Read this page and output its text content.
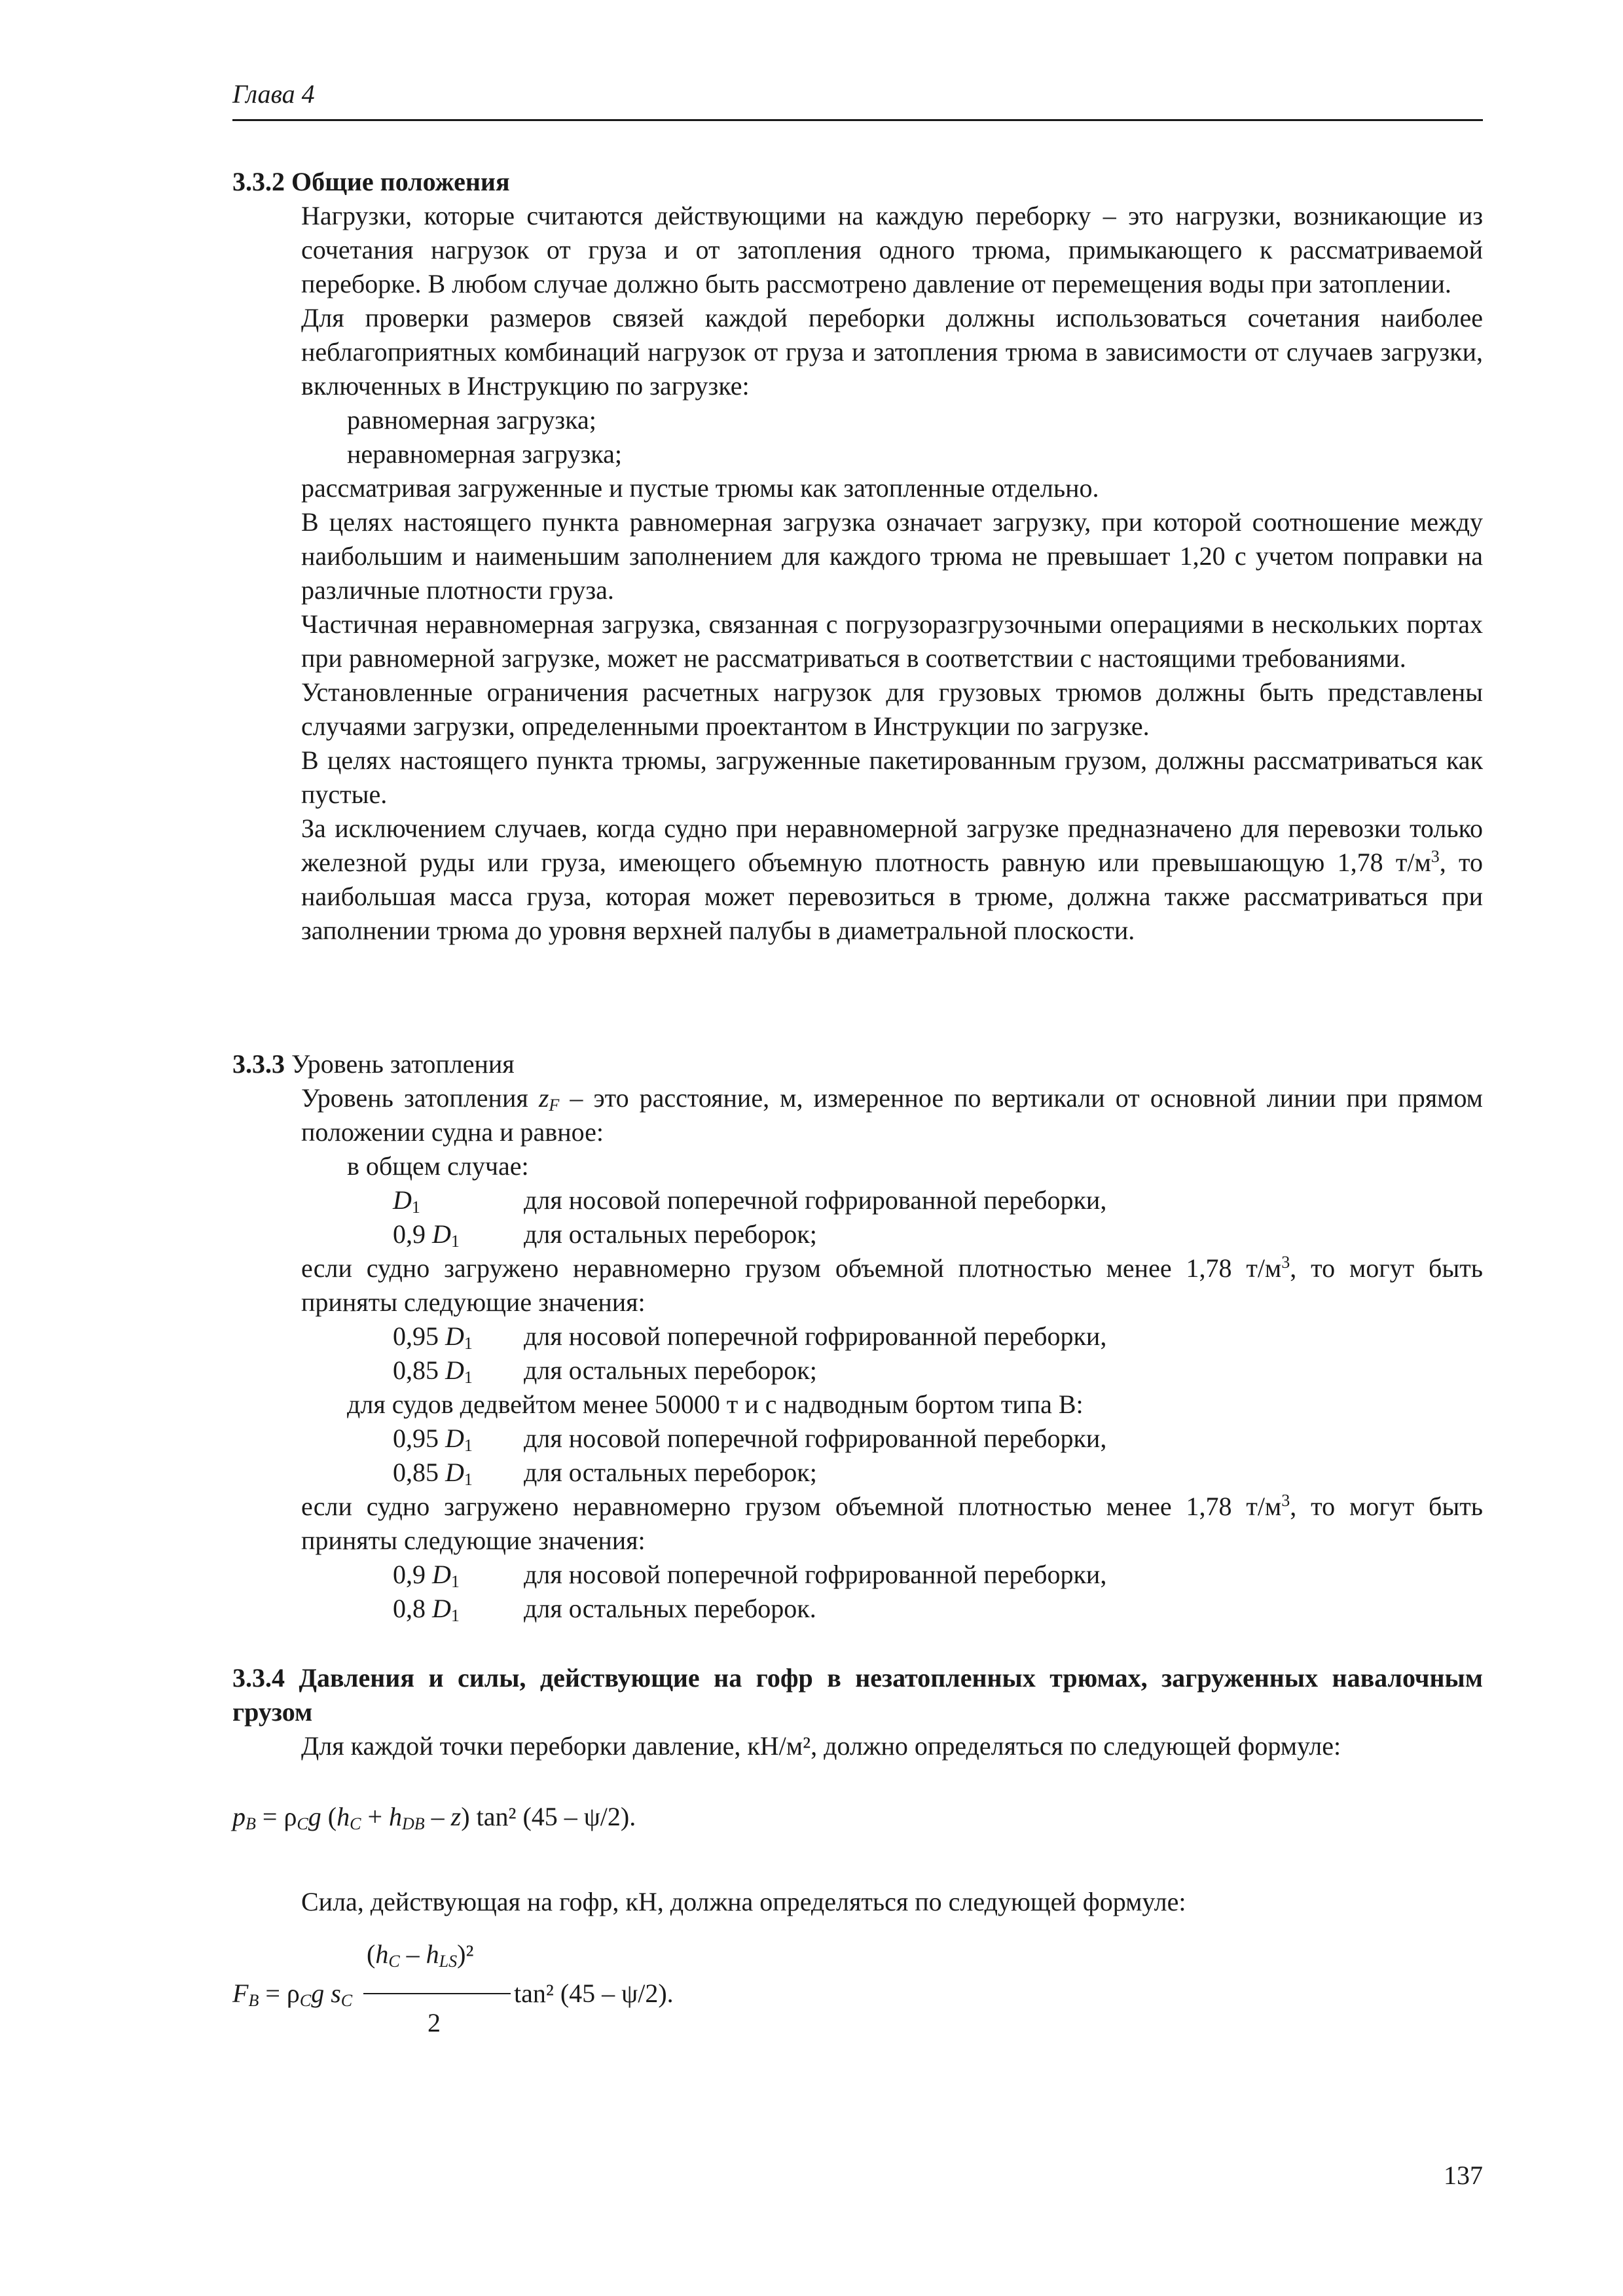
Глава 4
3.3.2 Общие положения
Нагрузки, которые считаются действующими на каждую переборку – это нагрузки, возникающие из сочетания нагрузок от груза и от затопления одного трюма, примыкающего к рассматриваемой переборке. В любом случае должно быть рассмотрено давление от перемещения воды при затоплении.
Для проверки размеров связей каждой переборки должны использоваться сочетания наиболее неблагоприятных комбинаций нагрузок от груза и затопления трюма в зависимости от случаев загрузки, включенных в Инструкцию по загрузке:
равномерная загрузка;
неравномерная загрузка;
рассматривая загруженные и пустые трюмы как затопленные отдельно.
В целях настоящего пункта равномерная загрузка означает загрузку, при которой соотношение между наибольшим и наименьшим заполнением для каждого трюма не превышает 1,20 с учетом поправки на различные плотности груза.
Частичная неравномерная загрузка, связанная с погрузоразгрузочными операциями в нескольких портах при равномерной загрузке, может не рассматриваться в соответствии с настоящими требованиями.
Установленные ограничения расчетных нагрузок для грузовых трюмов должны быть представлены случаями загрузки, определенными проектантом в Инструкции по загрузке.
В целях настоящего пункта трюмы, загруженные пакетированным грузом, должны рассматриваться как пустые.
За исключением случаев, когда судно при неравномерной загрузке предназначено для перевозки только железной руды или груза, имеющего объемную плотность равную или превышающую 1,78 $т/м^3$, то наибольшая масса груза, которая может перевозиться в трюме, должна также рассматриваться при заполнении трюма до уровня верхней палубы в диаметральной плоскости.
3.3.3 Уровень затопления
Уровень затопления $z_F$ – это расстояние, м, измеренное по вертикали от основной линии при прямом положении судна и равное:
в общем случае:
$D_1$	для носовой поперечной гофрированной переборки,
0,9 $D_1$	для остальных переборок;
если судно загружено неравномерно грузом объемной плотностью менее 1,78 $т/м^3$, то могут быть приняты следующие значения:
0,95 $D_1$	для носовой поперечной гофрированной переборки,
0,85 $D_1$	для остальных переборок;
для судов дедвейтом менее 50000 т и с надводным бортом типа B:
0,95 $D_1$	для носовой поперечной гофрированной переборки,
0,85 $D_1$	для остальных переборок;
если судно загружено неравномерно грузом объемной плотностью менее 1,78 $т/м^3$, то могут быть приняты следующие значения:
0,9 $D_1$	для носовой поперечной гофрированной переборки,
0,8 $D_1$	для остальных переборок.
3.3.4 Давления и силы, действующие на гофр в незатопленных трюмах, загруженных навалочным грузом
Для каждой точки переборки давление, кН/м², должно определяться по следующей формуле:
$p_B = \rho_Cg$ $(h_C + h_{DB} - z)$ tan² (45 – ψ/2).
Сила, действующая на гофр, кН, должна определяться по следующей формуле:
$(h_C - h_{LS})^2$
$F_B = \rho_Cg$ $s_C$	tan² (45 – ψ/2).
2
137
